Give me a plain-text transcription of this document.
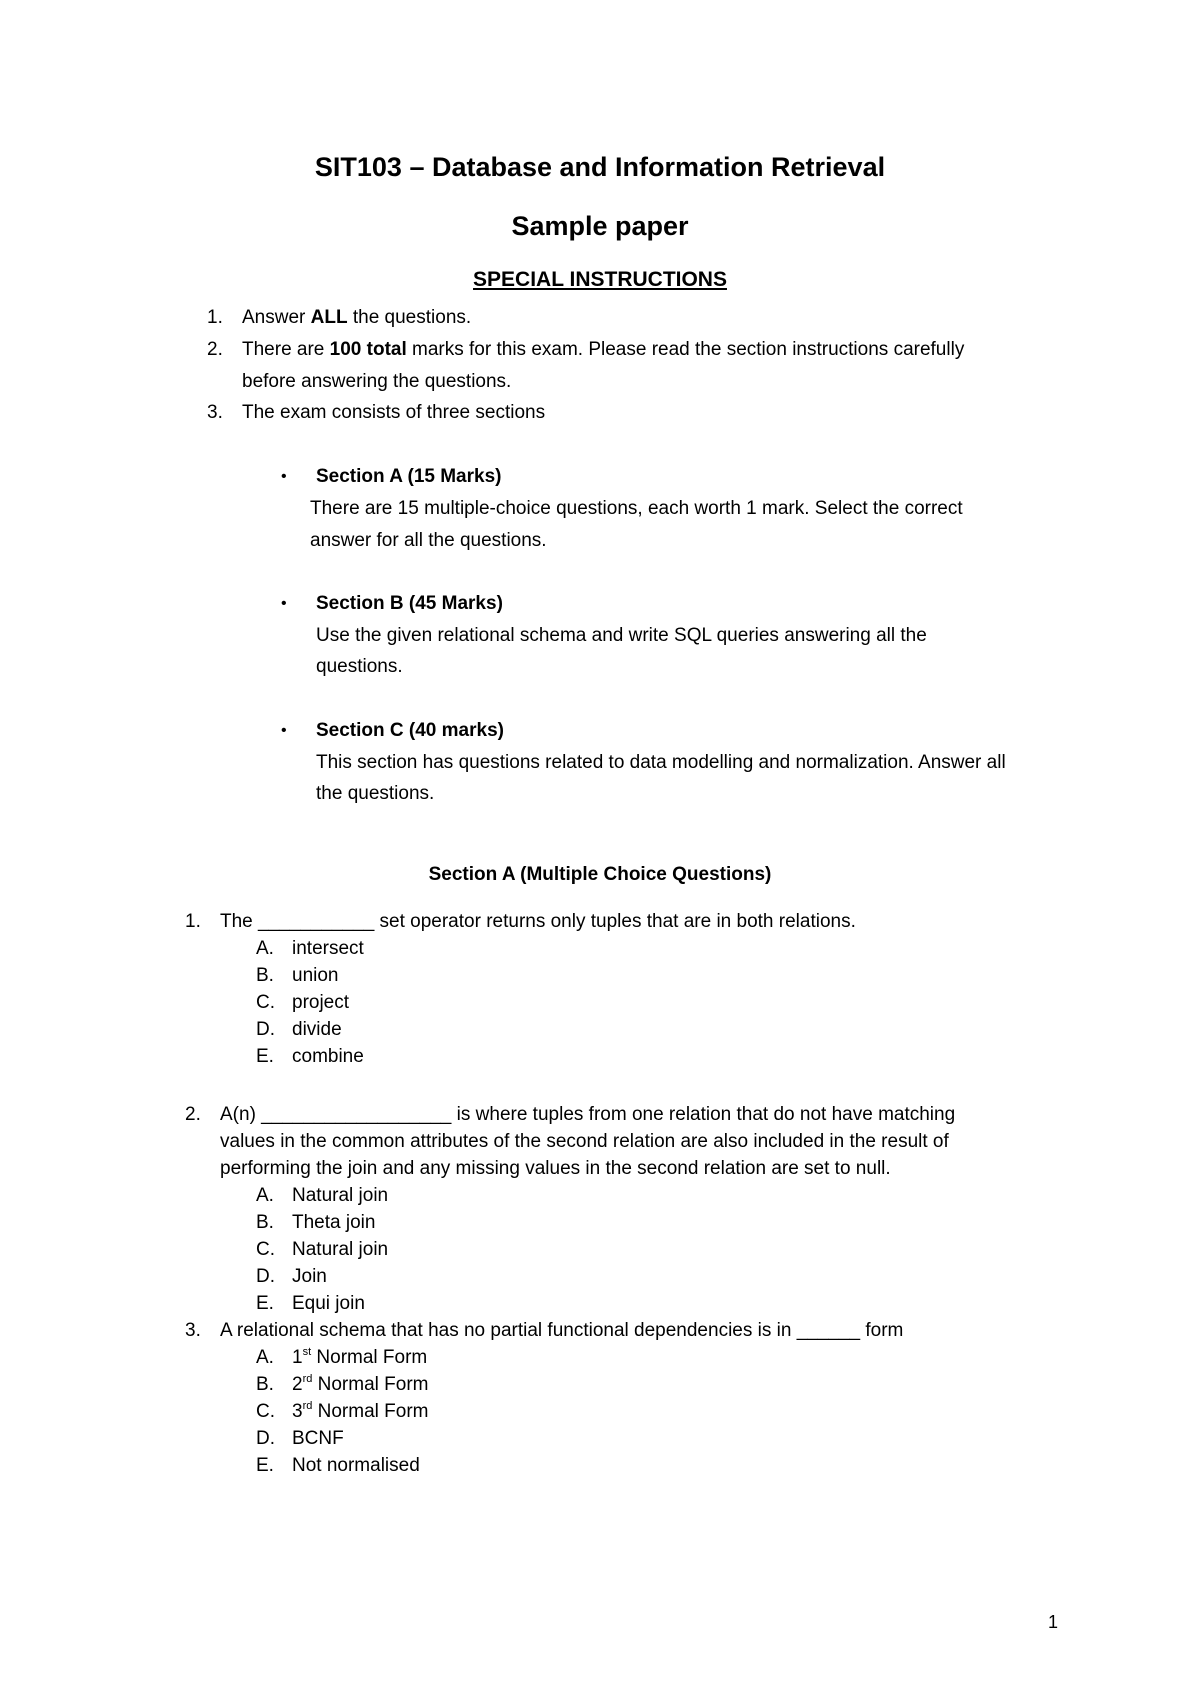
SIT103 – Database and Information Retrieval
Sample paper
SPECIAL INSTRUCTIONS
1. Answer ALL the questions.
2. There are 100 total marks for this exam. Please read the section instructions carefully
before answering the questions.
3. The exam consists of three sections
• Section A (15 Marks)
There are 15 multiple-choice questions, each worth 1 mark. Select the correct
answer for all the questions.
• Section B (45 Marks)
Use the given relational schema and write SQL queries answering all the
questions.
• Section C (40 marks)
This section has questions related to data modelling and normalization. Answer all
the questions.
Section A (Multiple Choice Questions)
1. The ___________ set operator returns only tuples that are in both relations.
A. intersect
B. union
C. project
D. divide
E. combine
2. A(n) __________________ is where tuples from one relation that do not have matching
values in the common attributes of the second relation are also included in the result of
performing the join and any missing values in the second relation are set to null.
A. Natural join
B. Theta join
C. Natural join
D. Join
E. Equi join
3. A relational schema that has no partial functional dependencies is in ______ form
A. 1st Normal Form
B. 2rd Normal Form
C. 3rd Normal Form
D. BCNF
E. Not normalised
1
